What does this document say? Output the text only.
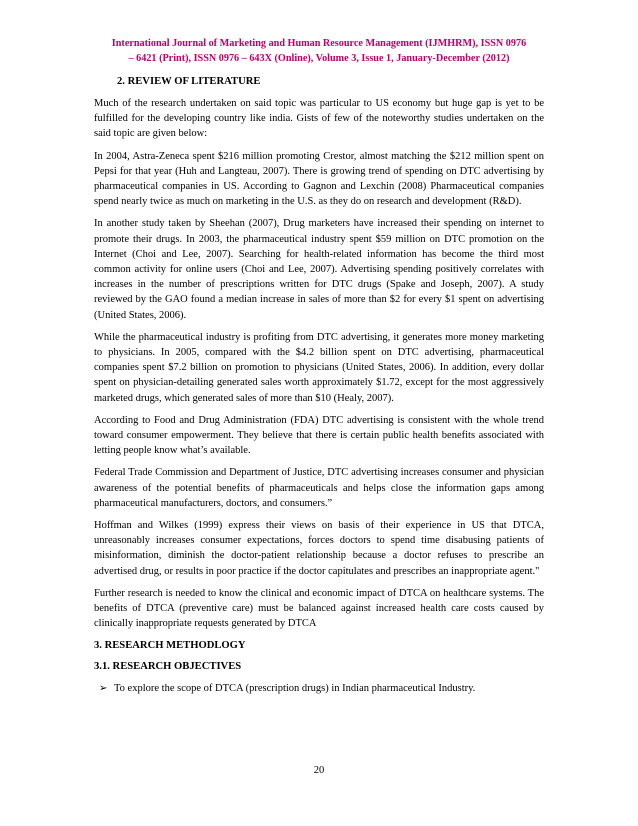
International Journal of Marketing and Human Resource Management (IJMHRM), ISSN 0976
– 6421 (Print), ISSN 0976 – 643X (Online), Volume 3, Issue 1, January-December (2012)
2. REVIEW OF LITERATURE

Much of the research undertaken on said topic was particular to US economy but huge gap is yet to be fulfilled for the developing country like india. Gists of few of the noteworthy studies undertaken on the said topic are given below:

In 2004, Astra-Zeneca spent $216 million promoting Crestor, almost matching the $212 million spent on Pepsi for that year (Huh and Langteau, 2007). There is growing trend of spending on DTC advertising by pharmaceutical companies in US. According to Gagnon and Lexchin (2008) Pharmaceutical companies spend nearly twice as much on marketing in the U.S. as they do on research and development (R&D).

In another study taken by Sheehan (2007), Drug marketers have increased their spending on internet to promote their drugs. In 2003, the pharmaceutical industry spent $59 million on DTC promotion on the Internet (Choi and Lee, 2007). Searching for health-related information has become the third most common activity for online users (Choi and Lee, 2007). Advertising spending positively correlates with increases in the number of prescriptions written for DTC drugs (Spake and Joseph, 2007). A study reviewed by the GAO found a median increase in sales of more than $2 for every $1 spent on advertising (United States, 2006).

While the pharmaceutical industry is profiting from DTC advertising, it generates more money marketing to physicians. In 2005, compared with the $4.2 billion spent on DTC advertising, pharmaceutical companies spent $7.2 billion on promotion to physicians (United States, 2006). In addition, every dollar spent on physician-detailing generated sales worth approximately $1.72, except for the most aggressively marketed drugs, which generated sales of more than $10 (Healy, 2007).

According to Food and Drug Administration (FDA) DTC advertising is consistent with the whole trend toward consumer empowerment. They believe that there is certain public health benefits associated with letting people know what’s available.

Federal Trade Commission and Department of Justice, DTC advertising increases consumer and physician awareness of the potential benefits of pharmaceuticals and helps close the information gaps among pharmaceutical manufacturers, doctors, and consumers.”

Hoffman and Wilkes (1999) express their views on basis of their experience in US that DTCA, unreasonably increases consumer expectations, forces doctors to spend time disabusing patients of misinformation, diminish the doctor-patient relationship because a doctor refuses to prescribe an advertised drug, or results in poor practice if the doctor capitulates and prescribes an inappropriate agent."

Further research is needed to know the clinical and economic impact of DTCA on healthcare systems. The benefits of DTCA (preventive care) must be balanced against increased health care costs caused by clinically inappropriate requests generated by DTCA

3. RESEARCH METHODLOGY
3.1. RESEARCH OBJECTIVES
➢ To explore the scope of DTCA (prescription drugs) in Indian pharmaceutical Industry.
20
